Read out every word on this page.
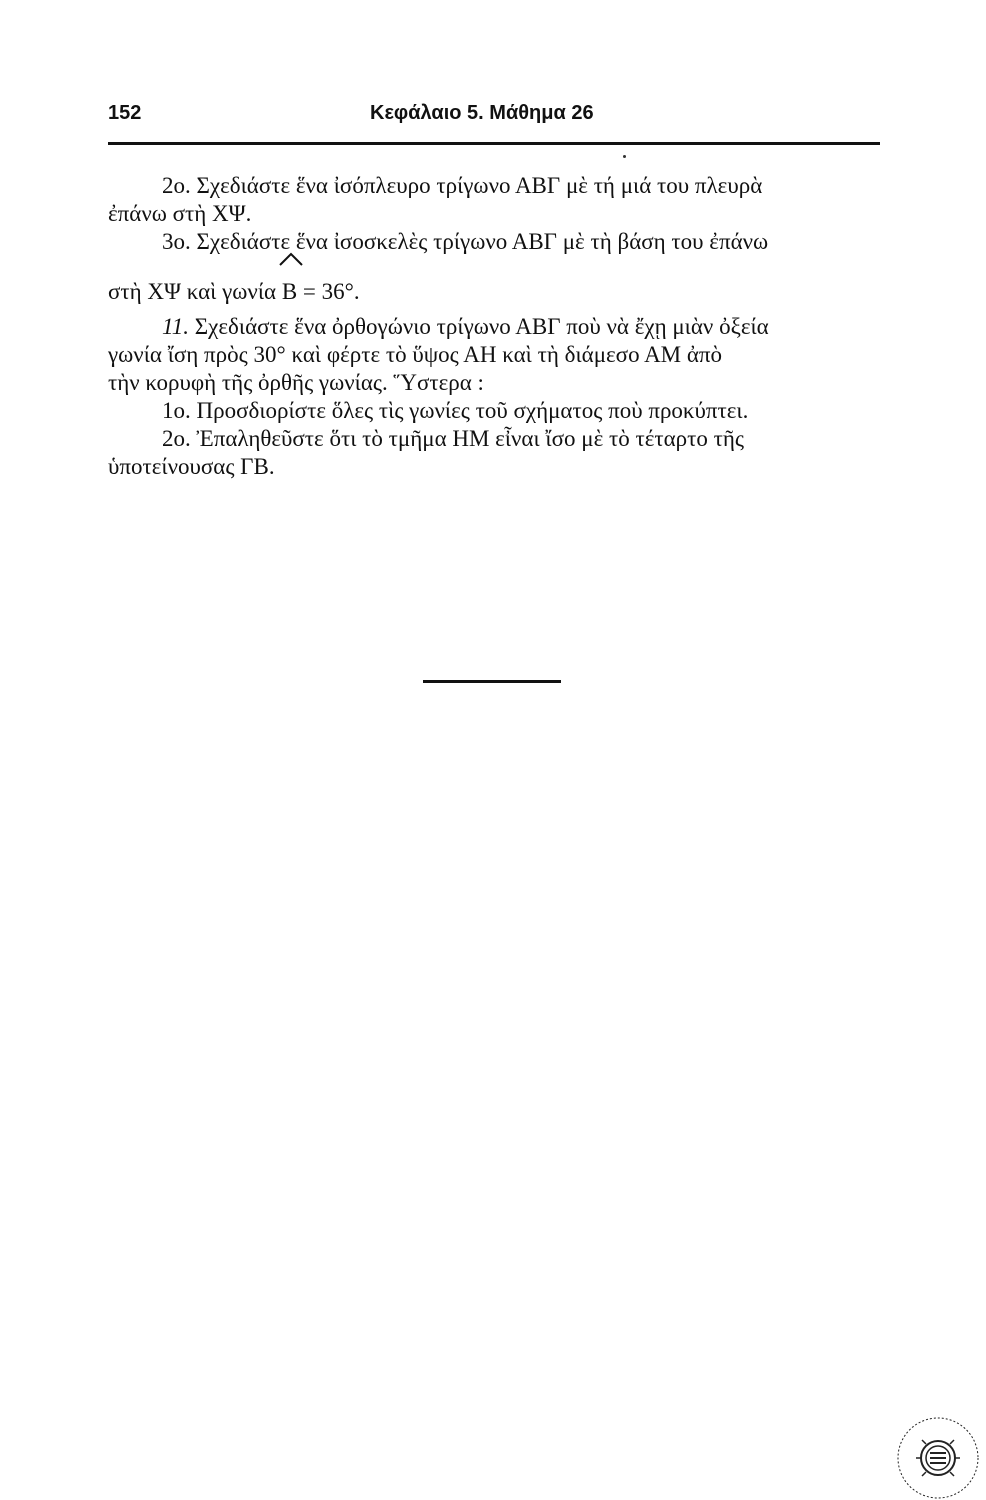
152	Κεφάλαιο 5. Μάθημα 26
2ο. Σχεδιάστε ἕνα ἰσόπλευρο τρίγωνο ΑΒΓ μὲ τή μιά του πλευρὰ
ἐπάνω στὴ ΧΨ.
3ο. Σχεδιάστε ἕνα ἰσοσκελὲς τρίγωνο ΑΒΓ μὲ τὴ βάση του ἐπάνω
στὴ ΧΨ καὶ γωνία
Β = 36°.
11. Σχεδιάστε ἕνα ὀρθογώνιο τρίγωνο ΑΒΓ ποὺ νὰ ἔχῃ μιὰν ὀξεία
γωνία ἴση πρὸς 30° καὶ φέρτε τὸ ὕψος ΑΗ καὶ τὴ διάμεσο ΑΜ ἀπὸ
τὴν κορυφὴ τῆς ὀρθῆς γωνίας. Ὕστερα :
1ο. Προσδιορίστε ὅλες τὶς γωνίες τοῦ σχήματος ποὺ προκύπτει.
2ο. Ἐπαληθεῦστε ὅτι τὸ τμῆμα ΗΜ εἶναι ἴσο μὲ τὸ τέταρτο τῆς
ὑποτείνουσας ΓΒ.
